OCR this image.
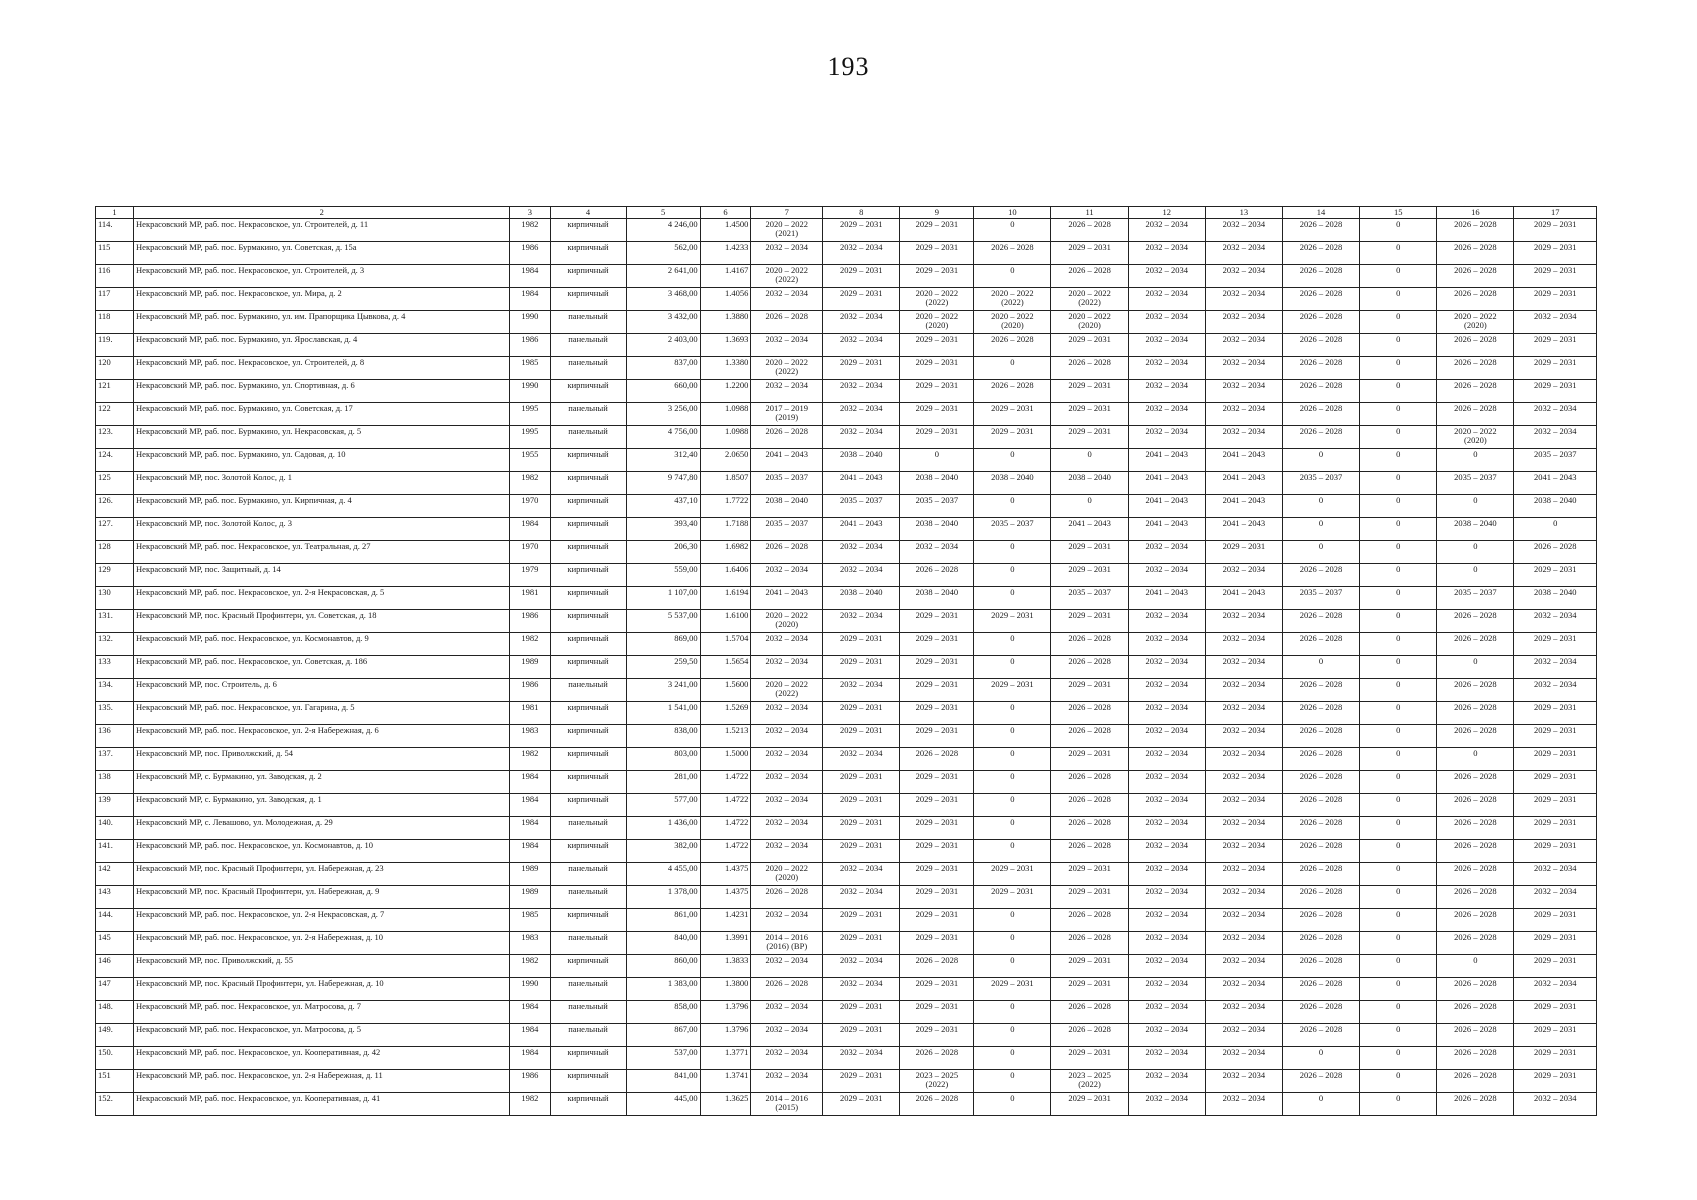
193
1	2	3	4	5	6	7	8	9	10	11	12	13	14	15	16	17

114.	Некрасовский МР, раб. пос. Некрасовское, ул. Строителей, д. 11	1982	кирпичный	4 246,00	1.4500	2020 – 2022
(2021)	2029 – 2031	2029 – 2031	0	2026 – 2028	2032 – 2034	2032 – 2034	2026 – 2028	0	2026 – 2028	2029 – 2031

115	Некрасовский МР, раб. пос. Бурмакино, ул. Советская, д. 15а	1986	кирпичный	562,00	1.4233	2032 – 2034	2032 – 2034	2029 – 2031	2026 – 2028	2029 – 2031	2032 – 2034	2032 – 2034	2026 – 2028	0	2026 – 2028	2029 – 2031

116	Некрасовский МР, раб. пос. Некрасовское, ул. Строителей, д. 3	1984	кирпичный	2 641,00	1.4167	2020 – 2022
(2022)	2029 – 2031	2029 – 2031	0	2026 – 2028	2032 – 2034	2032 – 2034	2026 – 2028	0	2026 – 2028	2029 – 2031

117	Некрасовский МР, раб. пос. Некрасовское, ул. Мира, д. 2	1984	кирпичный	3 468,00	1.4056	2032 – 2034	2029 – 2031	2020 – 2022
(2022)	2020 – 2022
(2022)	2020 – 2022
(2022)	2032 – 2034	2032 – 2034	2026 – 2028	0	2026 – 2028	2029 – 2031

118	Некрасовский МР, раб. пос. Бурмакино, ул. им. Прапорщика Цывкова, д. 4	1990	панельный	3 432,00	1.3880	2026 – 2028	2032 – 2034	2020 – 2022
(2020)	2020 – 2022
(2020)	2020 – 2022
(2020)	2032 – 2034	2032 – 2034	2026 – 2028	0	2020 – 2022
(2020)	2032 – 2034

119.	Некрасовский МР, раб. пос. Бурмакино, ул. Ярославская, д. 4	1986	панельный	2 403,00	1.3693	2032 – 2034	2032 – 2034	2029 – 2031	2026 – 2028	2029 – 2031	2032 – 2034	2032 – 2034	2026 – 2028	0	2026 – 2028	2029 – 2031

120	Некрасовский МР, раб. пос. Некрасовское, ул. Строителей, д. 8	1985	панельный	837,00	1.3380	2020 – 2022
(2022)	2029 – 2031	2029 – 2031	0	2026 – 2028	2032 – 2034	2032 – 2034	2026 – 2028	0	2026 – 2028	2029 – 2031

121	Некрасовский МР, раб. пос. Бурмакино, ул. Спортивная, д. 6	1990	кирпичный	660,00	1.2200	2032 – 2034	2032 – 2034	2029 – 2031	2026 – 2028	2029 – 2031	2032 – 2034	2032 – 2034	2026 – 2028	0	2026 – 2028	2029 – 2031

122	Некрасовский МР, раб. пос. Бурмакино, ул. Советская, д. 17	1995	панельный	3 256,00	1.0988	2017 – 2019
(2019)	2032 – 2034	2029 – 2031	2029 – 2031	2029 – 2031	2032 – 2034	2032 – 2034	2026 – 2028	0	2026 – 2028	2032 – 2034

123.	Некрасовский МР, раб. пос. Бурмакино, ул. Некрасовская, д. 5	1995	панельный	4 756,00	1.0988	2026 – 2028	2032 – 2034	2029 – 2031	2029 – 2031	2029 – 2031	2032 – 2034	2032 – 2034	2026 – 2028	0	2020 – 2022
(2020)	2032 – 2034

124.	Некрасовский МР, раб. пос. Бурмакино, ул. Садовая, д. 10	1955	кирпичный	312,40	2.0650	2041 – 2043	2038 – 2040	0	0	0	2041 – 2043	2041 – 2043	0	0	0	2035 – 2037

125	Некрасовский МР, пос. Золотой Колос, д. 1	1982	кирпичный	9 747,80	1.8507	2035 – 2037	2041 – 2043	2038 – 2040	2038 – 2040	2038 – 2040	2041 – 2043	2041 – 2043	2035 – 2037	0	2035 – 2037	2041 – 2043

126.	Некрасовский МР, раб. пос. Бурмакино, ул. Кирпичная, д. 4	1970	кирпичный	437,10	1.7722	2038 – 2040	2035 – 2037	2035 – 2037	0	0	2041 – 2043	2041 – 2043	0	0	0	2038 – 2040

127.	Некрасовский МР, пос. Золотой Колос, д. 3	1984	кирпичный	393,40	1.7188	2035 – 2037	2041 – 2043	2038 – 2040	2035 – 2037	2041 – 2043	2041 – 2043	2041 – 2043	0	0	2038 – 2040	0

128	Некрасовский МР, раб. пос. Некрасовское, ул. Театральная, д. 27	1970	кирпичный	206,30	1.6982	2026 – 2028	2032 – 2034	2032 – 2034	0	2029 – 2031	2032 – 2034	2029 – 2031	0	0	0	2026 – 2028

129	Некрасовский МР, пос. Защитный, д. 14	1979	кирпичный	559,00	1.6406	2032 – 2034	2032 – 2034	2026 – 2028	0	2029 – 2031	2032 – 2034	2032 – 2034	2026 – 2028	0	0	2029 – 2031

130	Некрасовский МР, раб. пос. Некрасовское, ул. 2-я Некрасовская, д. 5	1981	кирпичный	1 107,00	1.6194	2041 – 2043	2038 – 2040	2038 – 2040	0	2035 – 2037	2041 – 2043	2041 – 2043	2035 – 2037	0	2035 – 2037	2038 – 2040

131.	Некрасовский МР, пос. Красный Профинтерн, ул. Советская, д. 18	1986	кирпичный	5 537,00	1.6100	2020 – 2022
(2020)	2032 – 2034	2029 – 2031	2029 – 2031	2029 – 2031	2032 – 2034	2032 – 2034	2026 – 2028	0	2026 – 2028	2032 – 2034

132.	Некрасовский МР, раб. пос. Некрасовское, ул. Космонавтов, д. 9	1982	кирпичный	869,00	1.5704	2032 – 2034	2029 – 2031	2029 – 2031	0	2026 – 2028	2032 – 2034	2032 – 2034	2026 – 2028	0	2026 – 2028	2029 – 2031

133	Некрасовский МР, раб. пос. Некрасовское, ул. Советская, д. 186	1989	кирпичный	259,50	1.5654	2032 – 2034	2029 – 2031	2029 – 2031	0	2026 – 2028	2032 – 2034	2032 – 2034	0	0	0	2032 – 2034

134.	Некрасовский МР, пос. Строитель, д. 6	1986	панельный	3 241,00	1.5600	2020 – 2022
(2022)	2032 – 2034	2029 – 2031	2029 – 2031	2029 – 2031	2032 – 2034	2032 – 2034	2026 – 2028	0	2026 – 2028	2032 – 2034

135.	Некрасовский МР, раб. пос. Некрасовское, ул. Гагарина, д. 5	1981	кирпичный	1 541,00	1.5269	2032 – 2034	2029 – 2031	2029 – 2031	0	2026 – 2028	2032 – 2034	2032 – 2034	2026 – 2028	0	2026 – 2028	2029 – 2031

136	Некрасовский МР, раб. пос. Некрасовское, ул. 2-я Набережная, д. 6	1983	кирпичный	838,00	1.5213	2032 – 2034	2029 – 2031	2029 – 2031	0	2026 – 2028	2032 – 2034	2032 – 2034	2026 – 2028	0	2026 – 2028	2029 – 2031

137.	Некрасовский МР, пос. Приволжский, д. 54	1982	кирпичный	803,00	1.5000	2032 – 2034	2032 – 2034	2026 – 2028	0	2029 – 2031	2032 – 2034	2032 – 2034	2026 – 2028	0	0	2029 – 2031

138	Некрасовский МР, с. Бурмакино, ул. Заводская, д. 2	1984	кирпичный	281,00	1.4722	2032 – 2034	2029 – 2031	2029 – 2031	0	2026 – 2028	2032 – 2034	2032 – 2034	2026 – 2028	0	2026 – 2028	2029 – 2031

139	Некрасовский МР, с. Бурмакино, ул. Заводская, д. 1	1984	кирпичный	577,00	1.4722	2032 – 2034	2029 – 2031	2029 – 2031	0	2026 – 2028	2032 – 2034	2032 – 2034	2026 – 2028	0	2026 – 2028	2029 – 2031

140.	Некрасовский МР, с. Левашово, ул. Молодежная, д. 29	1984	панельный	1 436,00	1.4722	2032 – 2034	2029 – 2031	2029 – 2031	0	2026 – 2028	2032 – 2034	2032 – 2034	2026 – 2028	0	2026 – 2028	2029 – 2031

141.	Некрасовский МР, раб. пос. Некрасовское, ул. Космонавтов, д. 10	1984	кирпичный	382,00	1.4722	2032 – 2034	2029 – 2031	2029 – 2031	0	2026 – 2028	2032 – 2034	2032 – 2034	2026 – 2028	0	2026 – 2028	2029 – 2031

142	Некрасовский МР, пос. Красный Профинтерн, ул. Набережная, д. 23	1989	панельный	4 455,00	1.4375	2020 – 2022
(2020)	2032 – 2034	2029 – 2031	2029 – 2031	2029 – 2031	2032 – 2034	2032 – 2034	2026 – 2028	0	2026 – 2028	2032 – 2034

143	Некрасовский МР, пос. Красный Профинтерн, ул. Набережная, д. 9	1989	панельный	1 378,00	1.4375	2026 – 2028	2032 – 2034	2029 – 2031	2029 – 2031	2029 – 2031	2032 – 2034	2032 – 2034	2026 – 2028	0	2026 – 2028	2032 – 2034

144.	Некрасовский МР, раб. пос. Некрасовское, ул. 2-я Некрасовская, д. 7	1985	кирпичный	861,00	1.4231	2032 – 2034	2029 – 2031	2029 – 2031	0	2026 – 2028	2032 – 2034	2032 – 2034	2026 – 2028	0	2026 – 2028	2029 – 2031

145	Некрасовский МР, раб. пос. Некрасовское, ул. 2-я Набережная, д. 10	1983	панельный	840,00	1.3991	2014 – 2016
(2016) (ВР)	2029 – 2031	2029 – 2031	0	2026 – 2028	2032 – 2034	2032 – 2034	2026 – 2028	0	2026 – 2028	2029 – 2031

146	Некрасовский МР, пос. Приволжский, д. 55	1982	кирпичный	860,00	1.3833	2032 – 2034	2032 – 2034	2026 – 2028	0	2029 – 2031	2032 – 2034	2032 – 2034	2026 – 2028	0	0	2029 – 2031

147	Некрасовский МР, пос. Красный Профинтерн, ул. Набережная, д. 10	1990	панельный	1 383,00	1.3800	2026 – 2028	2032 – 2034	2029 – 2031	2029 – 2031	2029 – 2031	2032 – 2034	2032 – 2034	2026 – 2028	0	2026 – 2028	2032 – 2034

148.	Некрасовский МР, раб. пос. Некрасовское, ул. Матросова, д. 7	1984	панельный	858,00	1.3796	2032 – 2034	2029 – 2031	2029 – 2031	0	2026 – 2028	2032 – 2034	2032 – 2034	2026 – 2028	0	2026 – 2028	2029 – 2031

149.	Некрасовский МР, раб. пос. Некрасовское, ул. Матросова, д. 5	1984	панельный	867,00	1.3796	2032 – 2034	2029 – 2031	2029 – 2031	0	2026 – 2028	2032 – 2034	2032 – 2034	2026 – 2028	0	2026 – 2028	2029 – 2031

150.	Некрасовский МР, раб. пос. Некрасовское, ул. Кооперативная, д. 42	1984	кирпичный	537,00	1.3771	2032 – 2034	2032 – 2034	2026 – 2028	0	2029 – 2031	2032 – 2034	2032 – 2034	0	0	2026 – 2028	2029 – 2031

151	Некрасовский МР, раб. пос. Некрасовское, ул. 2-я Набережная, д. 11	1986	кирпичный	841,00	1.3741	2032 – 2034	2029 – 2031	2023 – 2025
(2022)	0	2023 – 2025
(2022)	2032 – 2034	2032 – 2034	2026 – 2028	0	2026 – 2028	2029 – 2031

152.	Некрасовский МР, раб. пос. Некрасовское, ул. Кооперативная, д. 41	1982	кирпичный	445,00	1.3625	2014 – 2016
(2015)	2029 – 2031	2026 – 2028	0	2029 – 2031	2032 – 2034	2032 – 2034	0	0	2026 – 2028	2032 – 2034
